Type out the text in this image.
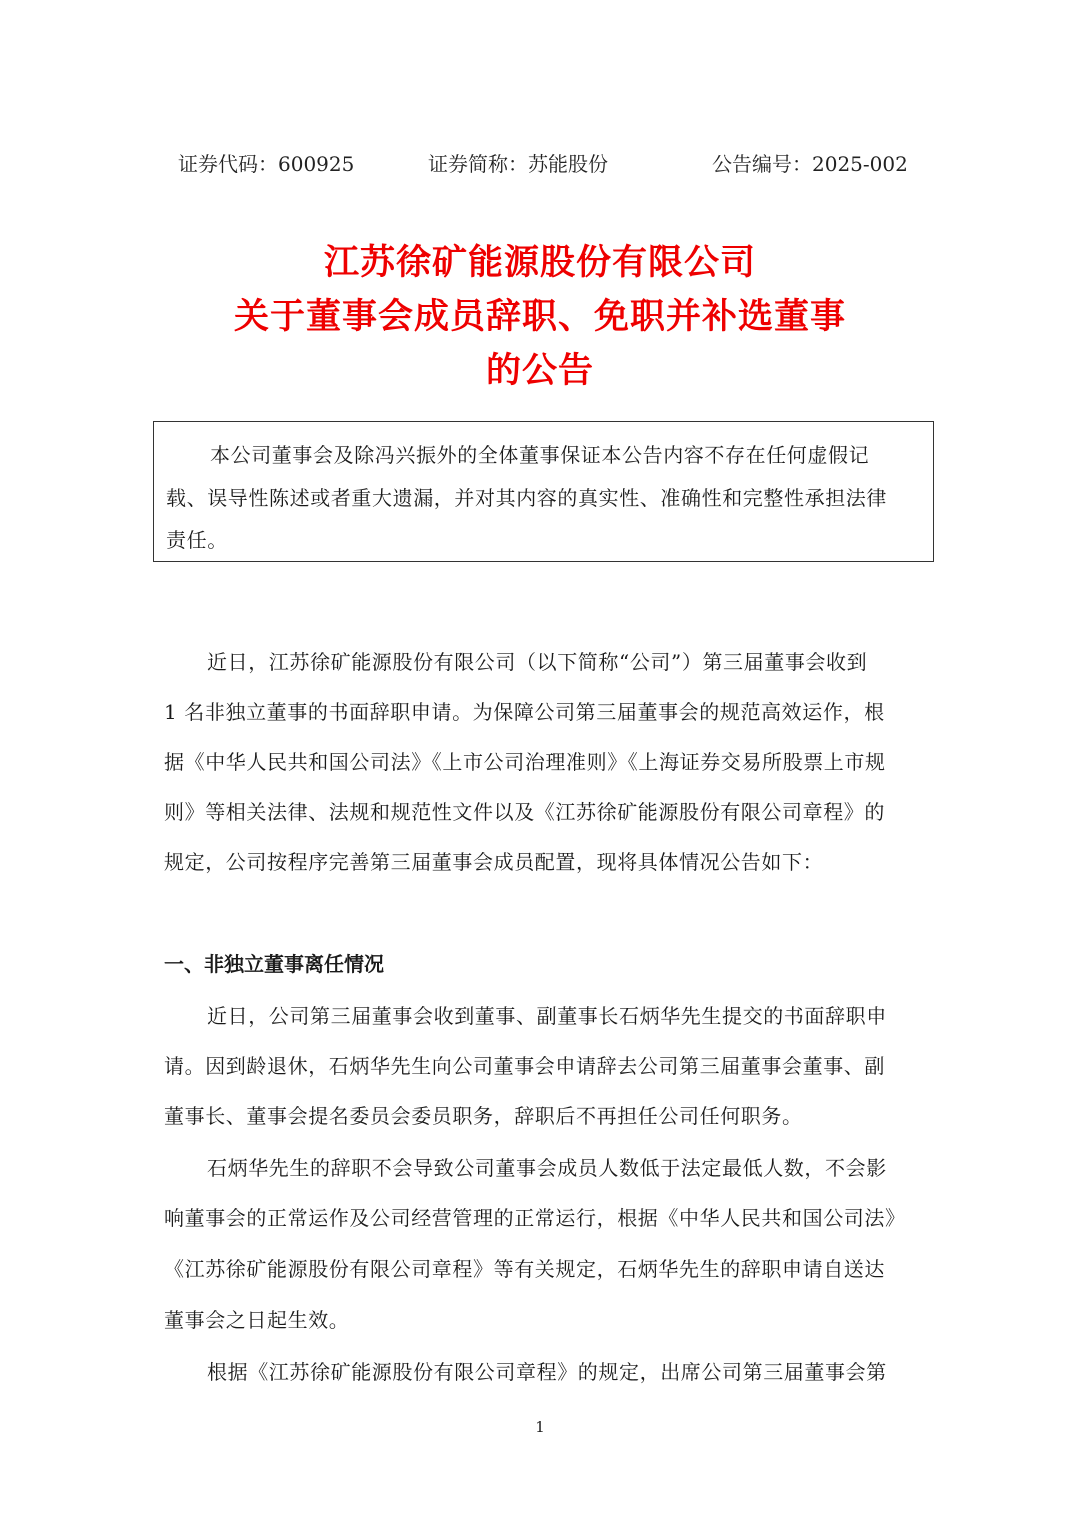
证券代码：600925	证券简称：苏能股份	公告编号：2025-002
江苏徐矿能源股份有限公司
关于董事会成员辞职、免职并补选董事
的公告
本公司董事会及除冯兴振外的全体董事保证本公告内容不存在任何虚假记
载、误导性陈述或者重大遗漏，并对其内容的真实性、准确性和完整性承担法律
责任。
近日，江苏徐矿能源股份有限公司（以下简称“公司”）第三届董事会收到
1 名非独立董事的书面辞职申请。为保障公司第三届董事会的规范高效运作，根
据《中华人民共和国公司法》《上市公司治理准则》《上海证券交易所股票上市规
则》等相关法律、法规和规范性文件以及《江苏徐矿能源股份有限公司章程》的
规定，公司按程序完善第三届董事会成员配置，现将具体情况公告如下：
一、非独立董事离任情况
近日，公司第三届董事会收到董事、副董事长石炳华先生提交的书面辞职申
请。因到龄退休，石炳华先生向公司董事会申请辞去公司第三届董事会董事、副
董事长、董事会提名委员会委员职务，辞职后不再担任公司任何职务。
石炳华先生的辞职不会导致公司董事会成员人数低于法定最低人数，不会影
响董事会的正常运作及公司经营管理的正常运行，根据《中华人民共和国公司法》
《江苏徐矿能源股份有限公司章程》等有关规定，石炳华先生的辞职申请自送达
董事会之日起生效。
根据《江苏徐矿能源股份有限公司章程》的规定，出席公司第三届董事会第
1
